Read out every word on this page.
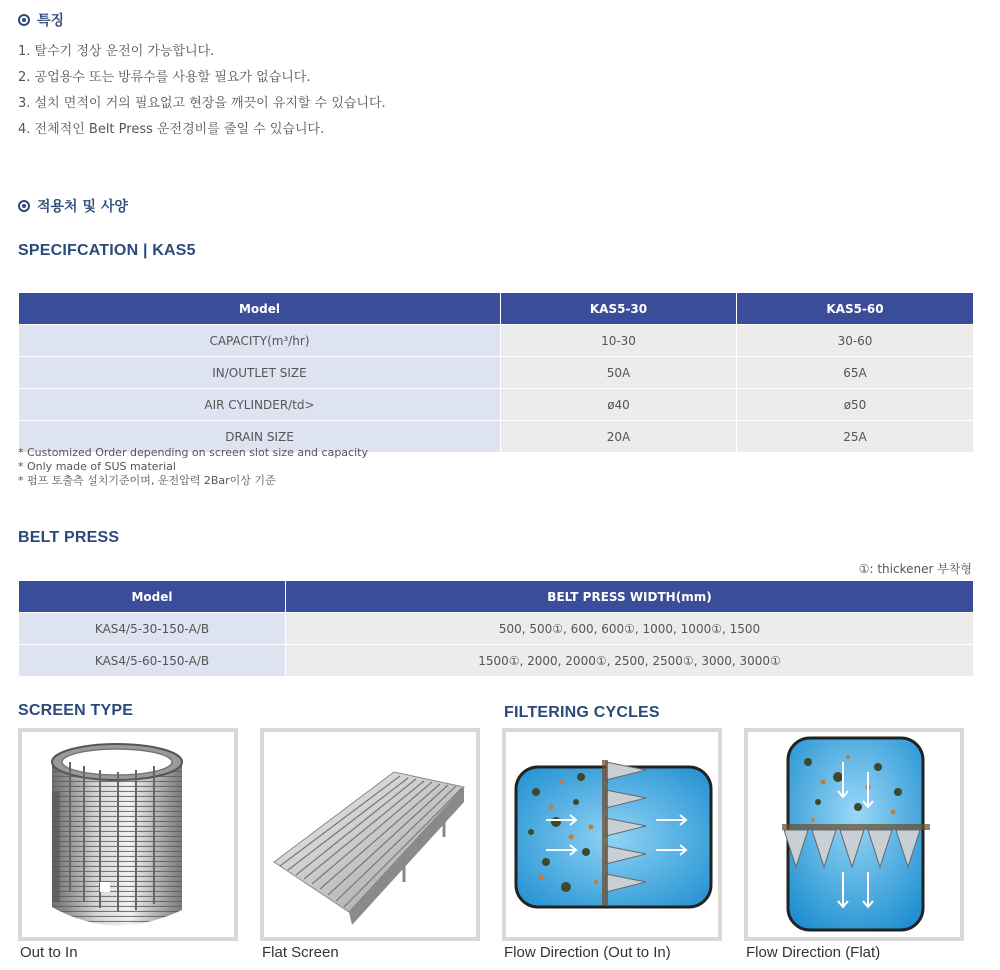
특징
1. 탈수기 정상 운전이 가능합니다.
2. 공업용수 또는 방류수를 사용할 필요가 없습니다.
3. 설치 면적이 거의 필요없고 현장을 깨끗이 유지할 수 있습니다.
4. 전체적인 Belt Press 운전경비를 줄일 수 있습니다.
적용처 및 사양
SPECIFCATION | KAS5
Model	KAS5-30	KAS5-60
CAPACITY(m³/hr)	10-30	30-60
IN/OUTLET SIZE	50A	65A
AIR CYLINDER/td>	ø40	ø50
DRAIN SIZE	20A	25A
* Customized Order depending on screen slot size and capacity
* Only made of SUS material
* 펌프 토출측 설치기준이며, 운전압력 2Bar이상 기준
BELT PRESS
①: thickener 부착형
Model	BELT PRESS WIDTH(mm)
KAS4/5-30-150-A/B	500, 500①, 600, 600①, 1000, 1000①, 1500
KAS4/5-60-150-A/B	1500①, 2000, 2000①, 2500, 2500①, 3000, 3000①
SCREEN TYPE	FILTERING CYCLES
Out to In	Flat Screen	Flow Direction (Out to In)	Flow Direction (Flat)
